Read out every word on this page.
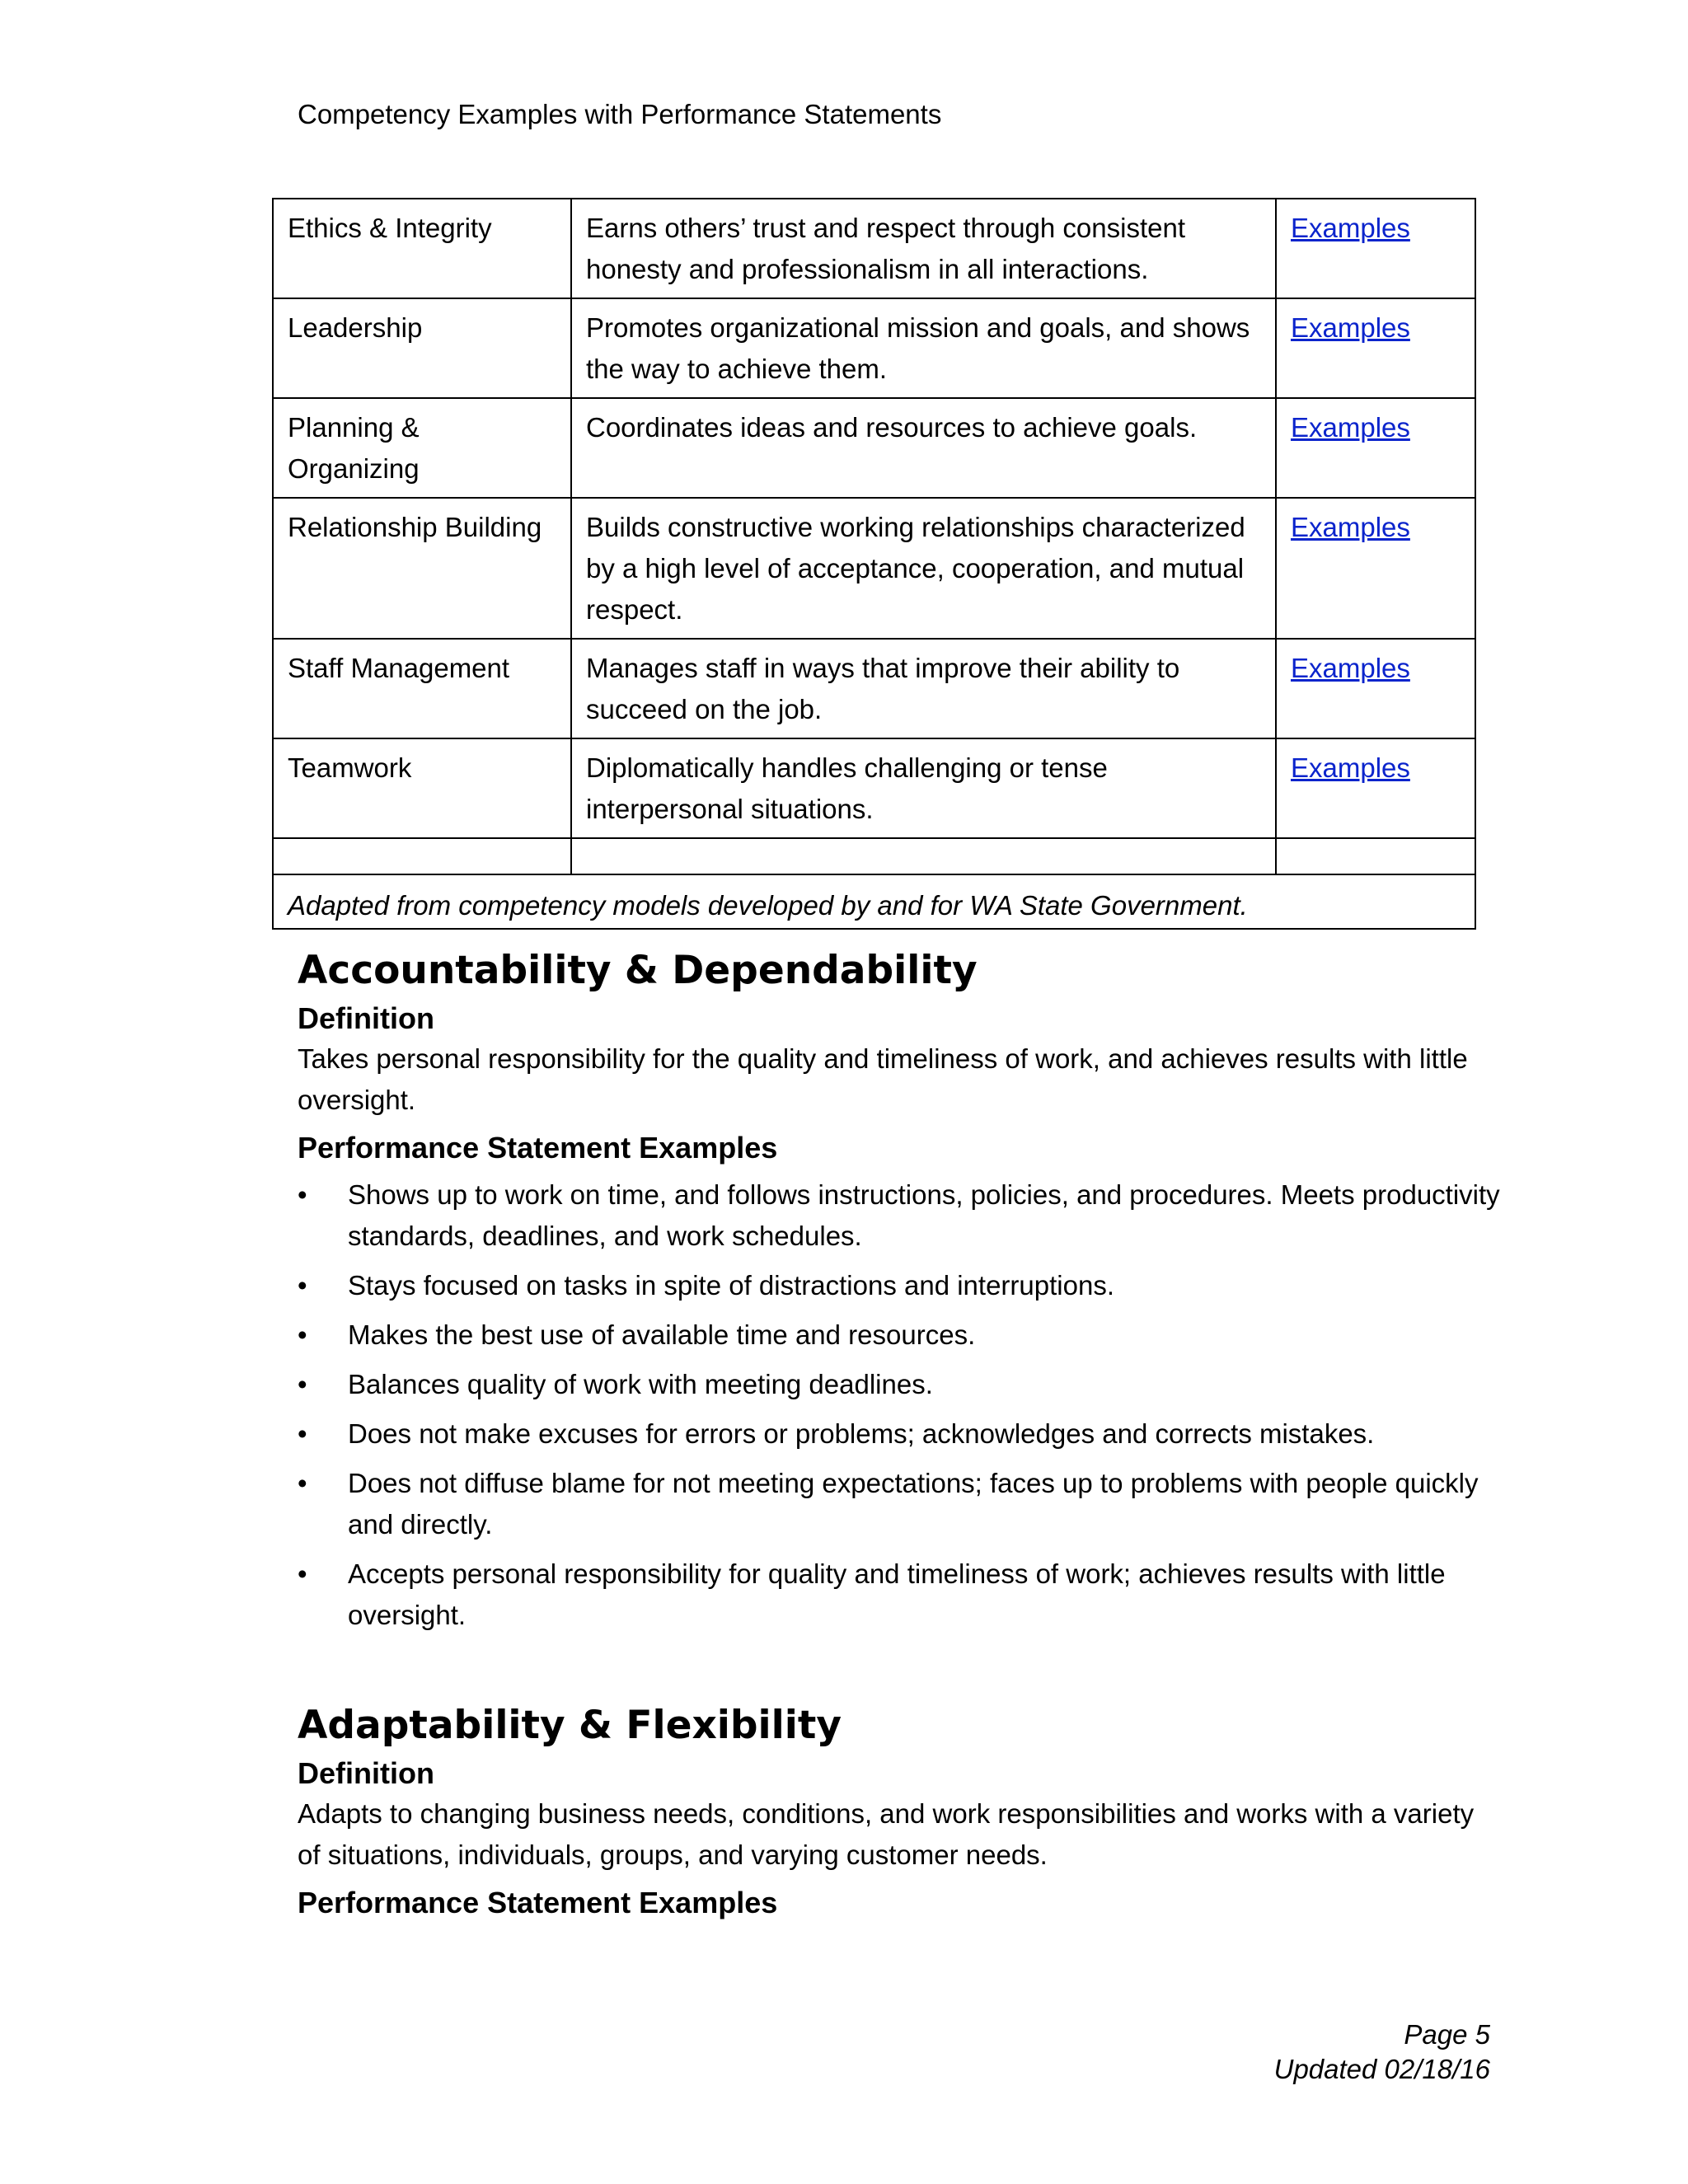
Competency Examples with Performance Statements
Ethics & Integrity	Earns others’ trust and respect through consistent honesty and professionalism in all interactions.	Examples
Leadership	Promotes organizational mission and goals, and shows the way to achieve them.	Examples
Planning & Organizing	Coordinates ideas and resources to achieve goals.	Examples
Relationship Building	Builds constructive working relationships characterized by a high level of acceptance, cooperation, and mutual respect.	Examples
Staff Management	Manages staff in ways that improve their ability to succeed on the job.	Examples
Teamwork	Diplomatically handles challenging or tense interpersonal situations.	Examples

Adapted from competency models developed by and for WA State Government.		
Accountability & Dependability
Definition

Takes personal responsibility for the quality and timeliness of work, and achieves results with little oversight.

Performance Statement Examples
• Shows up to work on time, and follows instructions, policies, and procedures. Meets productivity standards, deadlines, and work schedules.
• Stays focused on tasks in spite of distractions and interruptions.
• Makes the best use of available time and resources.
• Balances quality of work with meeting deadlines.
• Does not make excuses for errors or problems; acknowledges and corrects mistakes.
• Does not diffuse blame for not meeting expectations; faces up to problems with people quickly and directly.
• Accepts personal responsibility for quality and timeliness of work; achieves results with little oversight.
Adaptability & Flexibility
Definition

Adapts to changing business needs, conditions, and work responsibilities and works with a variety of situations, individuals, groups, and varying customer needs.

Performance Statement Examples
Page 5
Updated 02/18/16
